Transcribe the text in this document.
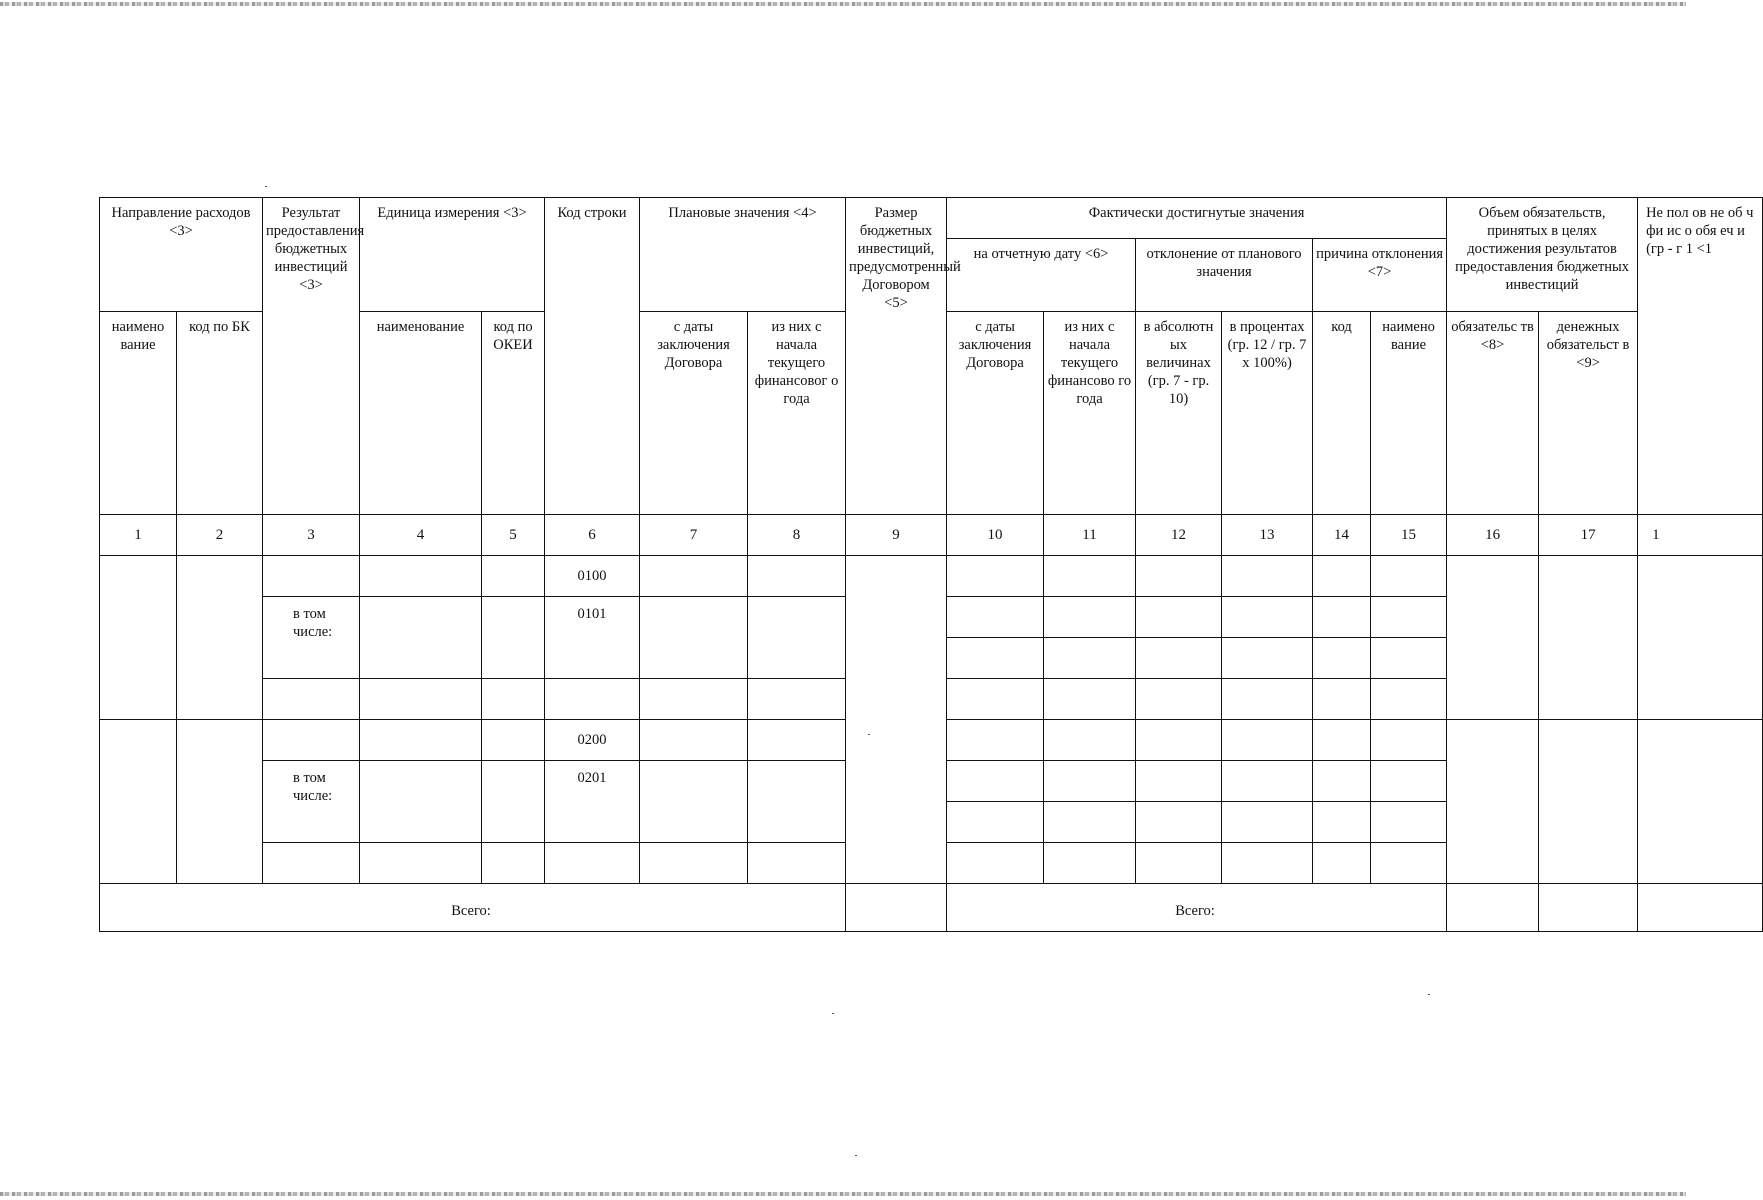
Направление расходов <3>		Результат предоставления бюджетных инвестиций <3>	Единица измерения <3>		Код строки	Плановые значения <4>		Размер бюджетных инвестиций, предусмотренный Договором <5>	Фактически достигнутые значения						Объем обязательств, принятых в целях достижения результатов предоставления бюджетных инвестиций		Не пол ов не об ч фи ис о обя еч и (гр - г 1 <1
									на отчетную дату <6>		отклонение от планового значения		причина отклонения <7>				
наимено вание	код по БК		наименование	код по ОКЕИ		с даты заключения Договора	из них с начала текущего финансовог о года		с даты заключения Договора	из них с начала текущего финансово го года	в абсолютн ых величинах (гр. 7 - гр. 10)	в процентах (гр. 12 / гр. 7 x 100%)	код	наимено вание	обязательс тв <8>	денежных обязательст в <9>	
1	2	3	4	5	6	7	8	9	10	11	12	13	14	15	16	17	1
					0100												
		в том числе:			0101												

					0200												
		в том числе:			0201												

Всего:									Всего:								
